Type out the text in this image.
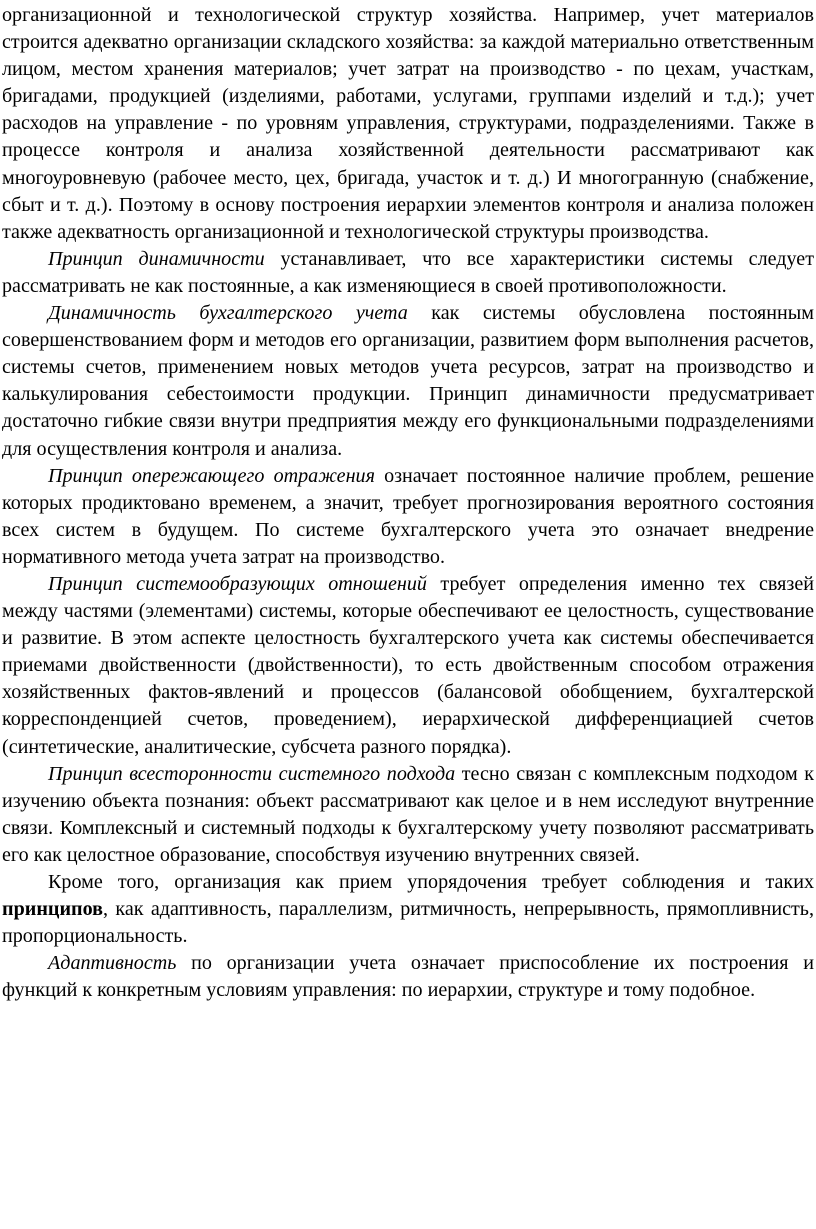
организационной и технологической структур хозяйства. Например, учет материалов строится адекватно организации складского хозяйства: за каждой материально ответственным лицом, местом хранения материалов; учет затрат на производство - по цехам, участкам, бригадами, продукцией (изделиями, работами, услугами, группами изделий и т.д.); учет расходов на управление - по уровням управления, структурами, подразделениями. Также в процессе контроля и анализа хозяйственной деятельности рассматривают как многоуровневую (рабочее место, цех, бригада, участок и т. д.) И многогранную (снабжение, сбыт и т. д.). Поэтому в основу построения иерархии элементов контроля и анализа положен также адекватность организационной и технологической структуры производства.

Принцип динамичности устанавливает, что все характеристики системы следует рассматривать не как постоянные, а как изменяющиеся в своей противоположности.

Динамичность бухгалтерского учета как системы обусловлена постоянным совершенствованием форм и методов его организации, развитием форм выполнения расчетов, системы счетов, применением новых методов учета ресурсов, затрат на производство и калькулирования себестоимости продукции. Принцип динамичности предусматривает достаточно гибкие связи внутри предприятия между его функциональными подразделениями для осуществления контроля и анализа.

Принцип опережающего отражения означает постоянное наличие проблем, решение которых продиктовано временем, а значит, требует прогнозирования вероятного состояния всех систем в будущем. По системе бухгалтерского учета это означает внедрение нормативного метода учета затрат на производство.

Принцип системообразующих отношений требует определения именно тех связей между частями (элементами) системы, которые обеспечивают ее целостность, существование и развитие. В этом аспекте целостность бухгалтерского учета как системы обеспечивается приемами двойственности (двойственности), то есть двойственным способом отражения хозяйственных фактов-явлений и процессов (балансовой обобщением, бухгалтерской корреспонденцией счетов, проведением), иерархической дифференциацией счетов (синтетические, аналитические, субсчета разного порядка).

Принцип всесторонности системного подхода тесно связан с комплексным подходом к изучению объекта познания: объект рассматривают как целое и в нем исследуют внутренние связи. Комплексный и системный подходы к бухгалтерскому учету позволяют рассматривать его как целостное образование, способствуя изучению внутренних связей.

Кроме того, организация как прием упорядочения требует соблюдения и таких принципов, как адаптивность, параллелизм, ритмичность, непрерывность, прямопливнисть, пропорциональность.

Адаптивность по организации учета означает приспособление их построения и функций к конкретным условиям управления: по иерархии, структуре и тому подобное.
